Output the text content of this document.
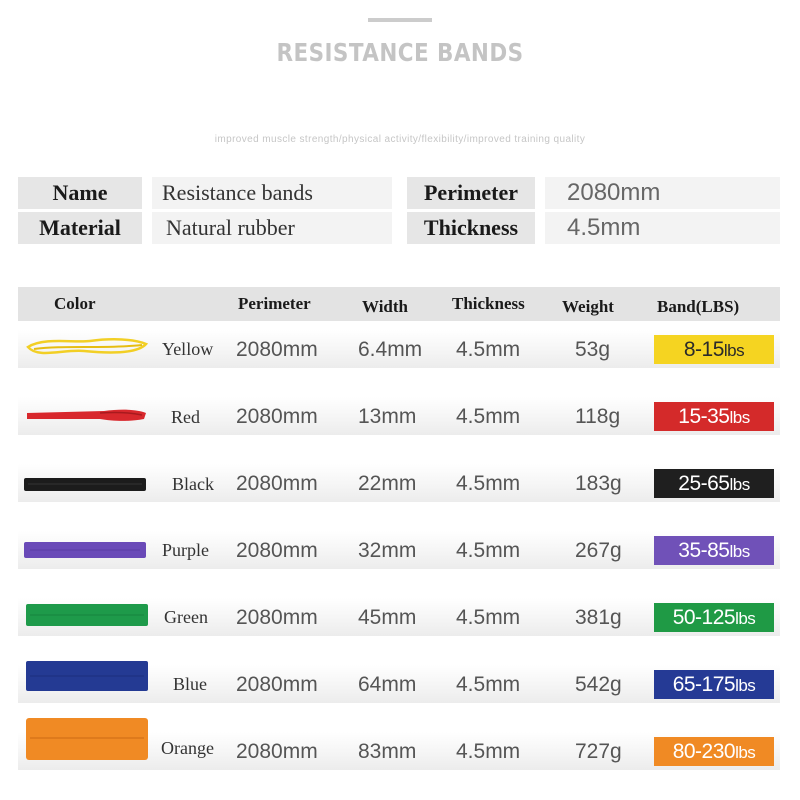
RESISTANCE BANDS
improved muscle strength/physical activity/flexibility/improved training quality
Name	Resistance bands
Material	Natural rubber
Perimeter	2080mm
Thickness	4.5mm
Color	Perimeter	Width	Thickness Weight	Band(LBS)
Yellow 2080mm 6.4mm 4.5mm	53g	8-15lbs
Red 2080mm 13mm 4.5mm	118g	15-35lbs
Black 2080mm 22mm 4.5mm	183g	25-65lbs
Purple 2080mm 32mm 4.5mm	267g	35-85lbs
Green 2080mm 45mm 4.5mm	381g	50-125lbs
Blue 2080mm 64mm 4.5mm	542g	65-175lbs
Orange 2080mm 83mm 4.5mm	727g	80-230lbs
